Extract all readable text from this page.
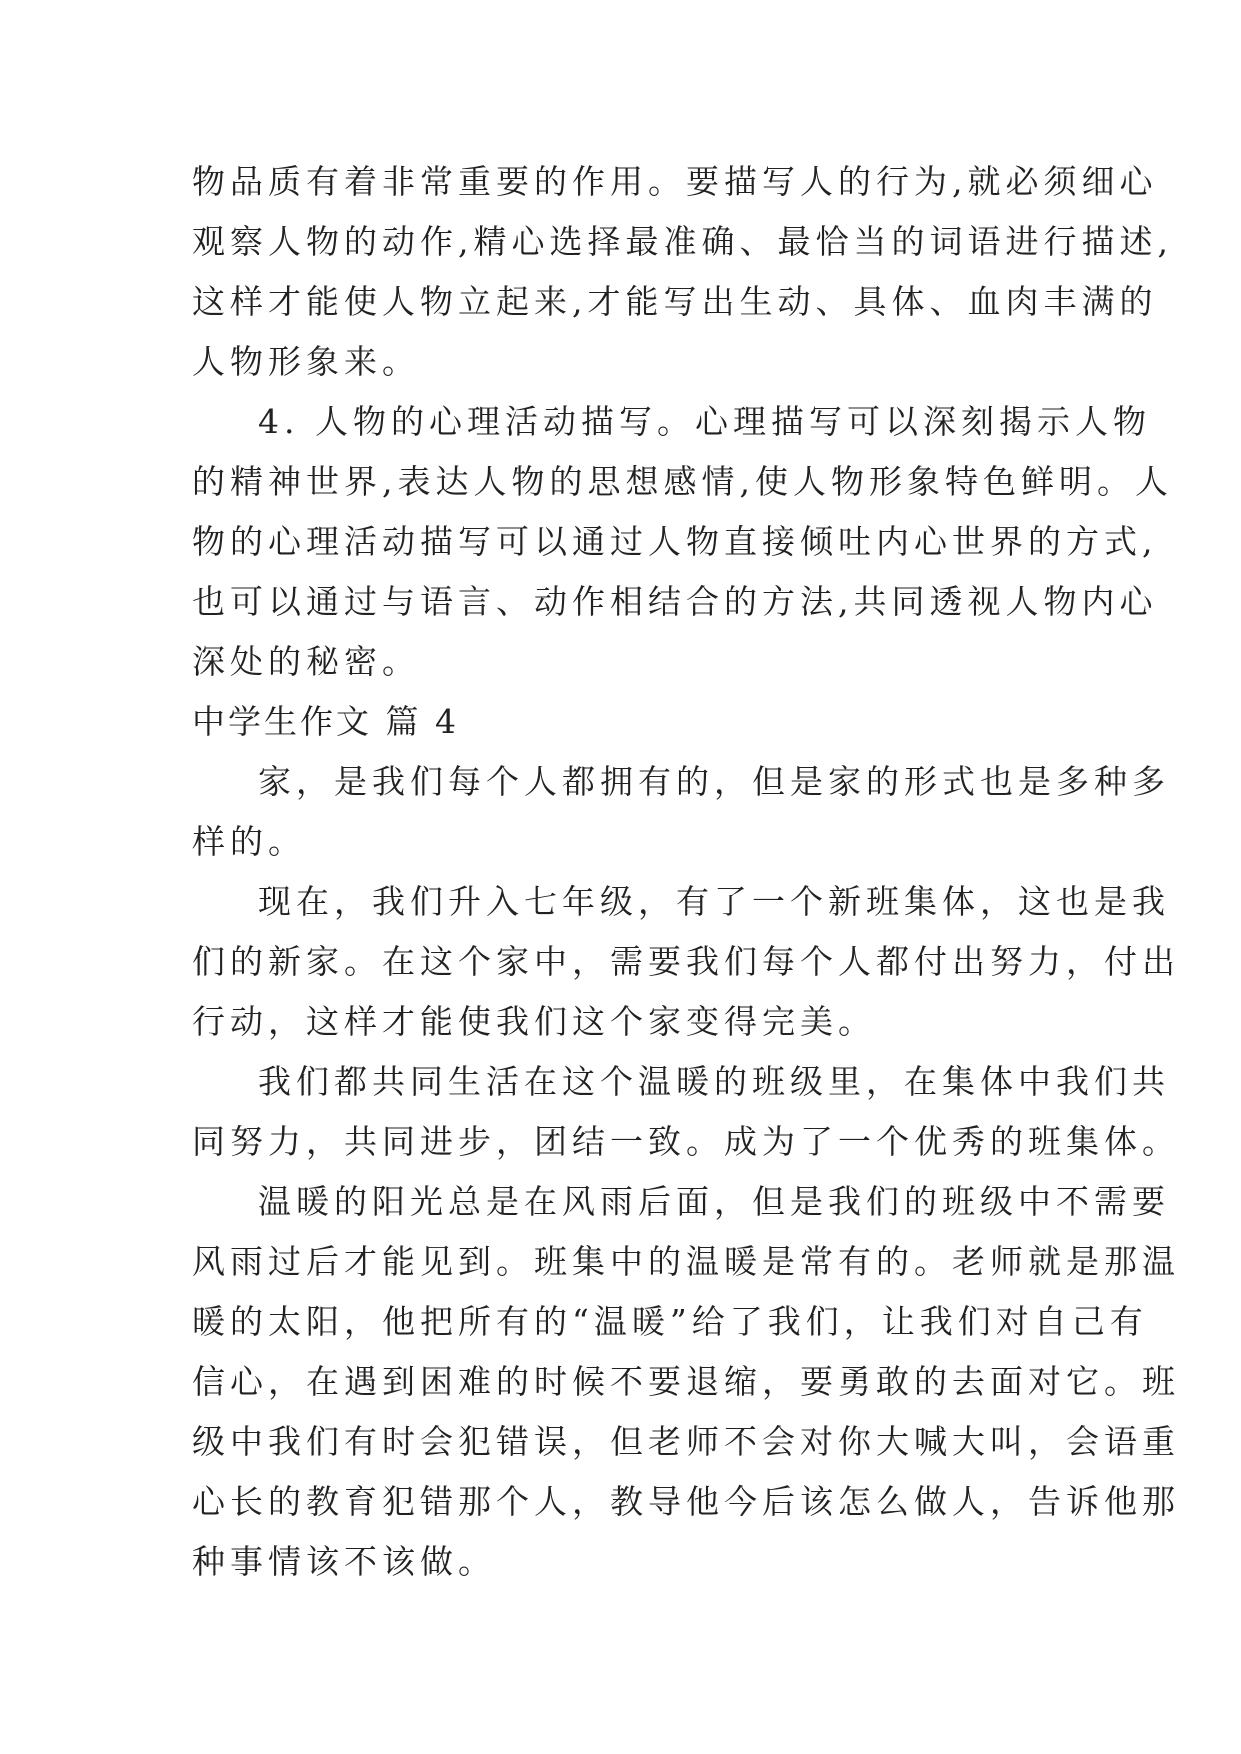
物品质有着非常重要的作用。要描写人的行为,就必须细心
观察人物的动作,精心选择最准确、最恰当的词语进行描述,
这样才能使人物立起来,才能写出生动、具体、血肉丰满的
人物形象来。
4. 人物的心理活动描写。心理描写可以深刻揭示人物
的精神世界,表达人物的思想感情,使人物形象特色鲜明。人
物的心理活动描写可以通过人物直接倾吐内心世界的方式,
也可以通过与语言、动作相结合的方法,共同透视人物内心
深处的秘密。
中学生作文 篇 4
家，是我们每个人都拥有的，但是家的形式也是多种多
样的。
现在，我们升入七年级，有了一个新班集体，这也是我
们的新家。在这个家中，需要我们每个人都付出努力，付出
行动，这样才能使我们这个家变得完美。
我们都共同生活在这个温暖的班级里，在集体中我们共
同努力，共同进步，团结一致。成为了一个优秀的班集体。
温暖的阳光总是在风雨后面，但是我们的班级中不需要
风雨过后才能见到。班集中的温暖是常有的。老师就是那温
暖的太阳，他把所有的“温暖”给了我们，让我们对自己有
信心，在遇到困难的时候不要退缩，要勇敢的去面对它。班
级中我们有时会犯错误，但老师不会对你大喊大叫，会语重
心长的教育犯错那个人，教导他今后该怎么做人，告诉他那
种事情该不该做。
